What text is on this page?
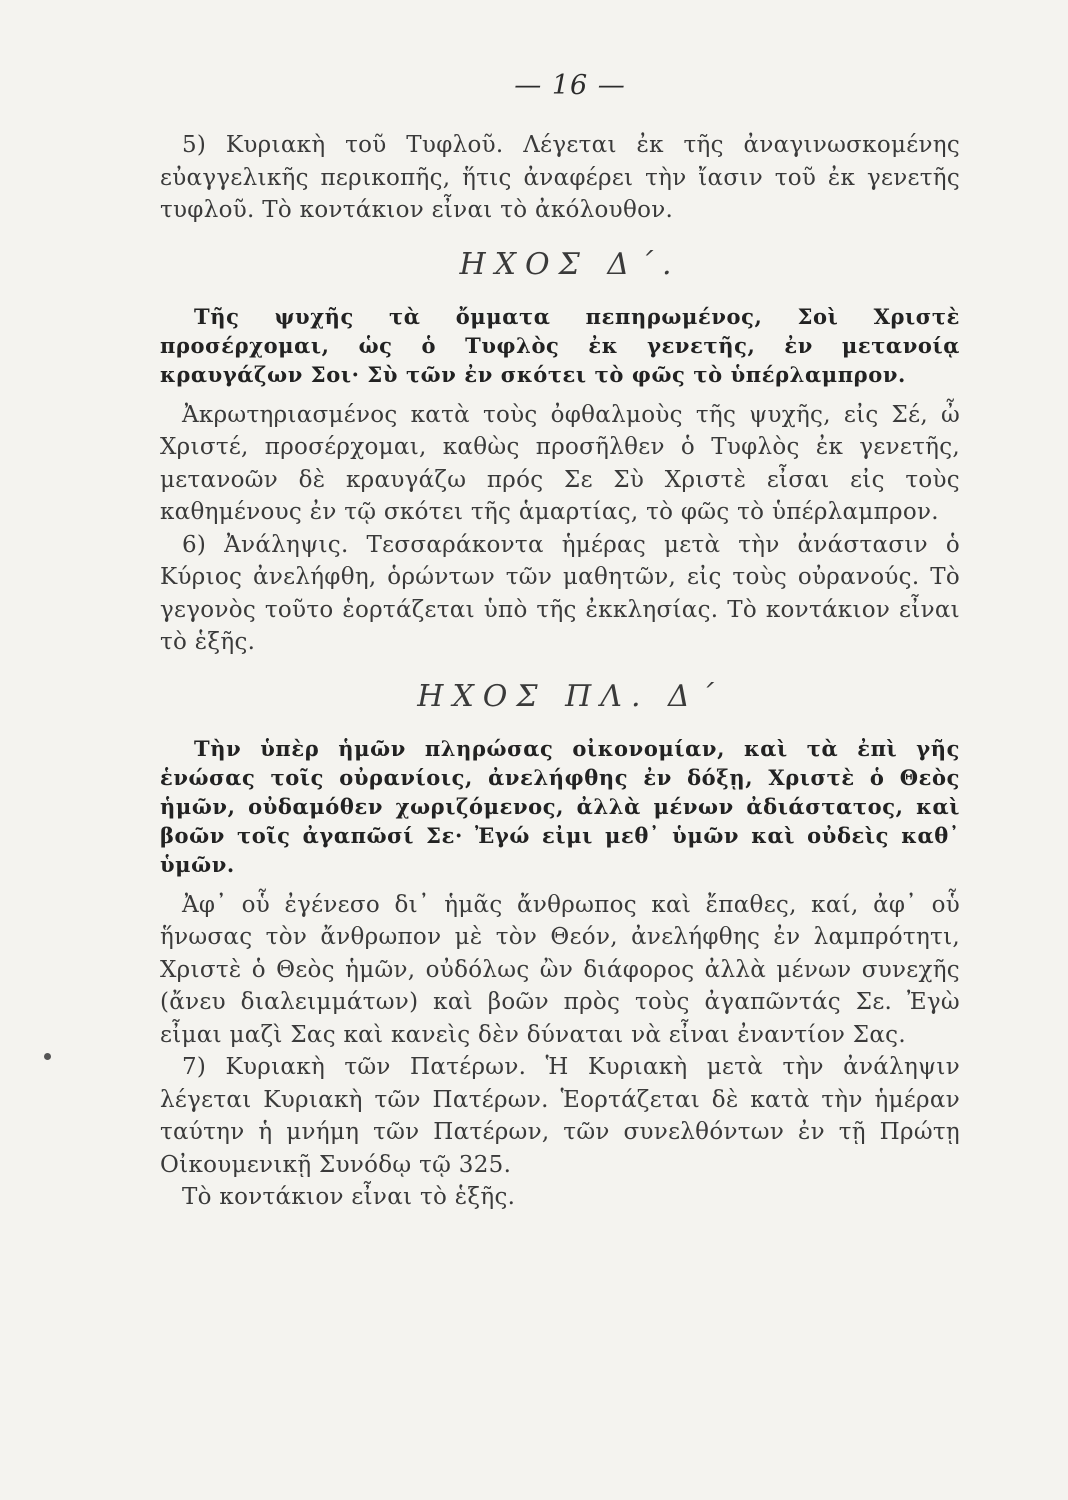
— 16 —

5) Κυριακὴ τοῦ Τυφλοῦ. Λέγεται ἐκ τῆς ἀναγινωσκομένης εὐαγγελικῆς περικοπῆς, ἥτις ἀναφέρει τὴν ἴασιν τοῦ ἐκ γενετῆς τυφλοῦ. Τὸ κοντάκιον εἶναι τὸ ἀκόλουθον.

ΗΧΟΣ Δ΄.

Τῆς ψυχῆς τὰ ὄμματα πεπηρωμένος, Σοὶ Χριστὲ προσέρχομαι, ὡς ὁ Τυφλὸς ἐκ γενετῆς, ἐν μετανοίᾳ κραυγάζων Σοι· Σὺ τῶν ἐν σκότει τὸ φῶς τὸ ὑπέρλαμπρον.

Ἀκρωτηριασμένος κατὰ τοὺς ὀφθαλμοὺς τῆς ψυχῆς, εἰς Σέ, ὦ Χριστέ, προσέρχομαι, καθὼς προσῆλθεν ὁ Τυφλὸς ἐκ γενετῆς, μετανοῶν δὲ κραυγάζω πρός Σε Σὺ Χριστὲ εἶσαι εἰς τοὺς καθημένους ἐν τῷ σκότει τῆς ἁμαρτίας, τὸ φῶς τὸ ὑπέρλαμπρον.

6) Ἀνάληψις. Τεσσαράκοντα ἡμέρας μετὰ τὴν ἀνάστασιν ὁ Κύριος ἀνελήφθη, ὁρώντων τῶν μαθητῶν, εἰς τοὺς οὐρανούς. Τὸ γεγονὸς τοῦτο ἑορτάζεται ὑπὸ τῆς ἐκκλησίας. Τὸ κοντάκιον εἶναι τὸ ἑξῆς.

ΗΧΟΣ ΠΛ. Δ΄

Τὴν ὑπὲρ ἡμῶν πληρώσας οἰκονομίαν, καὶ τὰ ἐπὶ γῆς ἑνώσας τοῖς οὐρανίοις, ἀνελήφθης ἐν δόξῃ, Χριστὲ ὁ Θεὸς ἡμῶν, οὐδαμόθεν χωριζόμενος, ἀλλὰ μένων ἀδιάστατος, καὶ βοῶν τοῖς ἀγαπῶσί Σε· Ἐγώ εἰμι μεθ᾽ ὑμῶν καὶ οὐδεὶς καθ᾽ ὑμῶν.

Ἀφ᾽ οὗ ἐγένεσο δι᾽ ἡμᾶς ἄνθρωπος καὶ ἔπαθες, καί, ἀφ᾽ οὗ ἥνωσας τὸν ἄνθρωπον μὲ τὸν Θεόν, ἀνελήφθης ἐν λαμπρότητι, Χριστὲ ὁ Θεὸς ἡμῶν, οὐδόλως ὢν διάφορος ἀλλὰ μένων συνεχῆς (ἄνευ διαλειμμάτων) καὶ βοῶν πρὸς τοὺς ἀγαπῶντάς Σε. Ἐγὼ εἶμαι μαζὶ Σας καὶ κανεὶς δὲν δύναται νὰ εἶναι ἐναντίον Σας.

7) Κυριακὴ τῶν Πατέρων. Ἡ Κυριακὴ μετὰ τὴν ἀνάληψιν λέγεται Κυριακὴ τῶν Πατέρων. Ἑορτάζεται δὲ κατὰ τὴν ἡμέραν ταύτην ἡ μνήμη τῶν Πατέρων, τῶν συνελθόντων ἐν τῇ Πρώτῃ Οἰκουμενικῇ Συνόδῳ τῷ 325.

Τὸ κοντάκιον εἶναι τὸ ἑξῆς.
